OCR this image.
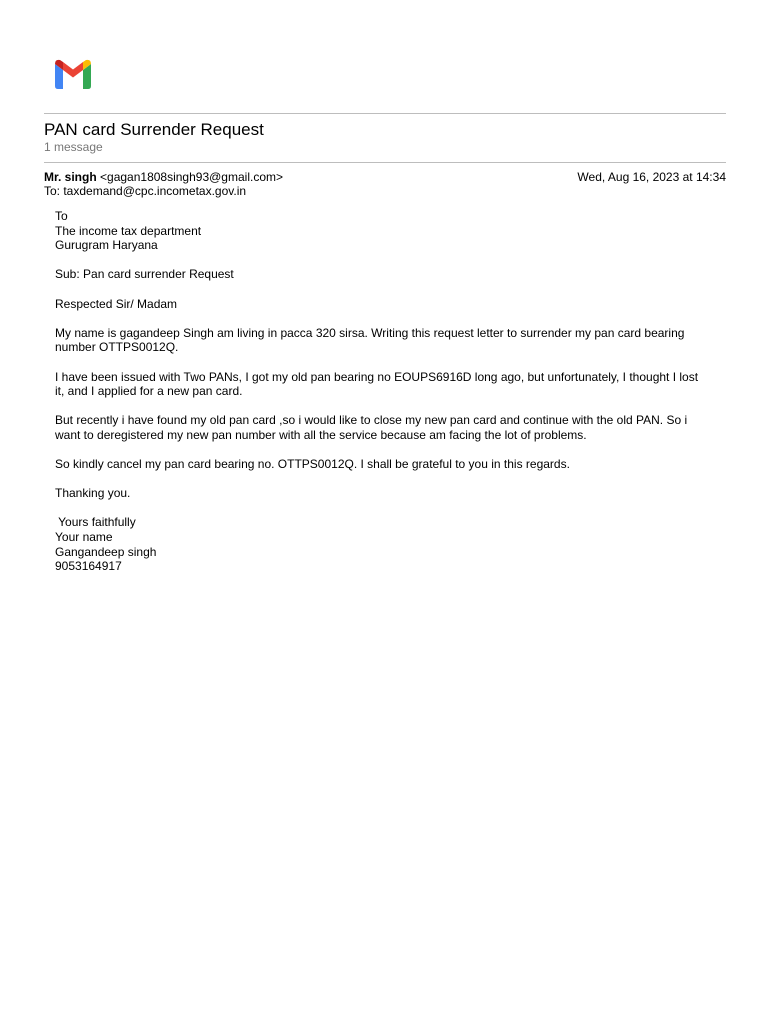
PAN card Surrender Request
1 message
Mr. singh <gagan1808singh93@gmail.com>	Wed, Aug 16, 2023 at 14:34
To: taxdemand@cpc.incometax.gov.in

To
The income tax department
Gurugram Haryana

Sub: Pan card surrender Request

Respected Sir/ Madam

My name is gagandeep Singh am living in pacca 320 sirsa. Writing this request letter to surrender my pan card bearing
number OTTPS0012Q.

I have been issued with Two PANs, I got my old pan bearing no EOUPS6916D long ago, but unfortunately, I thought I lost
it, and I applied for a new pan card.

But recently i have found my old pan card ,so i would like to close my new pan card and continue with the old PAN. So i
want to deregistered my new pan number with all the service because am facing the lot of problems.

So kindly cancel my pan card bearing no. OTTPS0012Q. I shall be grateful to you in this regards.

Thanking you.

Yours faithfully
Your name
Gangandeep singh
9053164917
